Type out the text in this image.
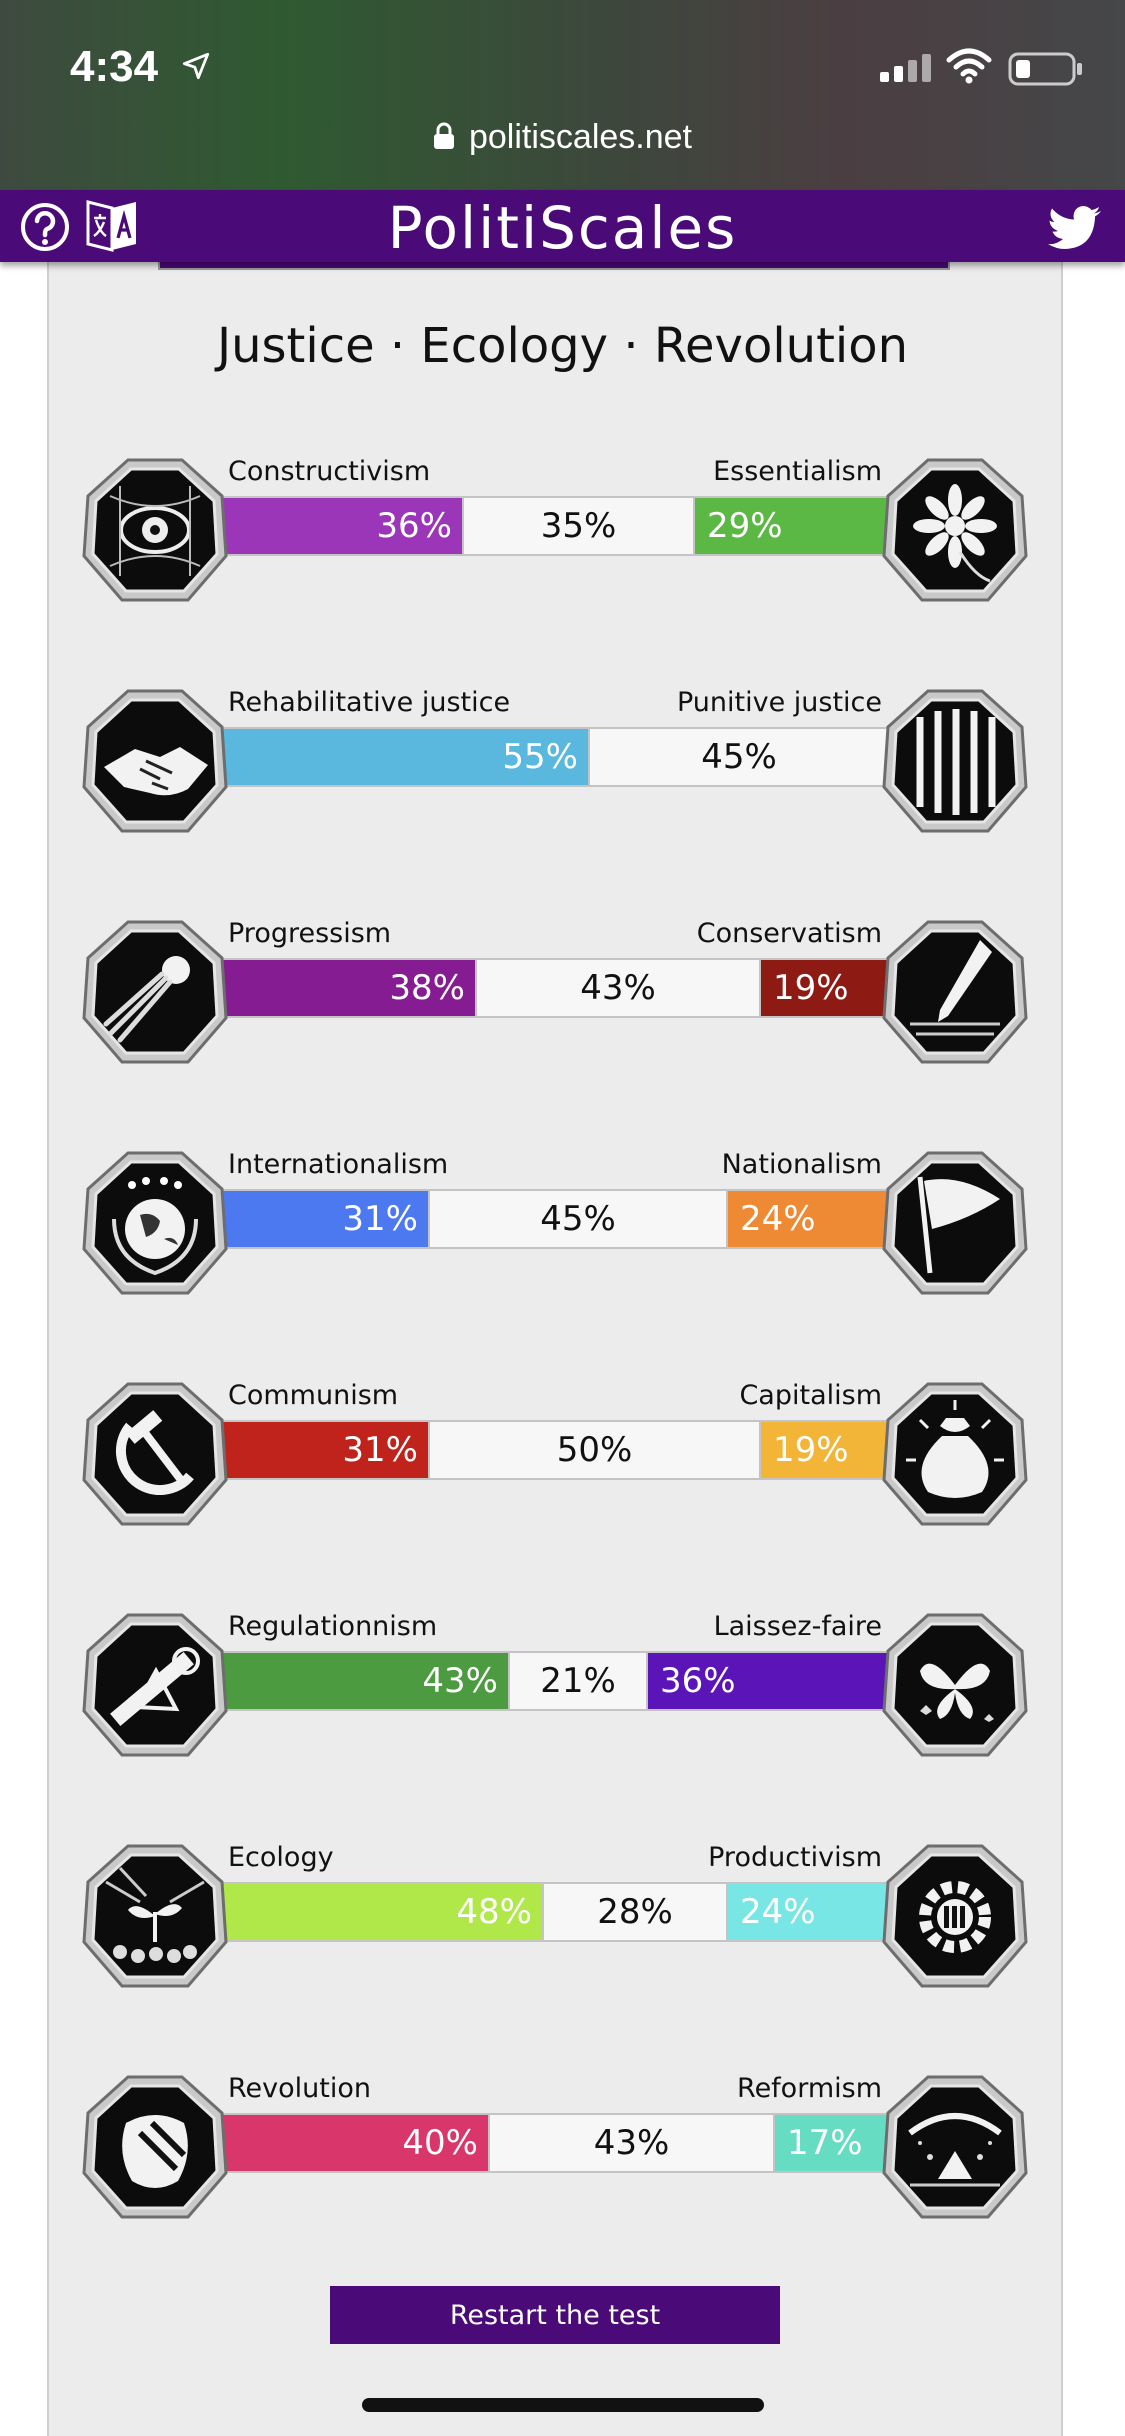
4:34
politiscales.net
PolitiScales
Justice · Ecology · Revolution
Constructivism	Essentialism
36%	35%	29%
Rehabilitative justice	Punitive justice
55%	45%
Progressism	Conservatism
38%	43%	19%
Internationalism	Nationalism
31%	45%	24%
Communism	Capitalism
31%	50%	19%
Regulationnism	Laissez-faire
43%	21%	36%
Ecology	Productivism
48%	28%	24%
Revolution	Reformism
40%	43%	17%
Restart the test
